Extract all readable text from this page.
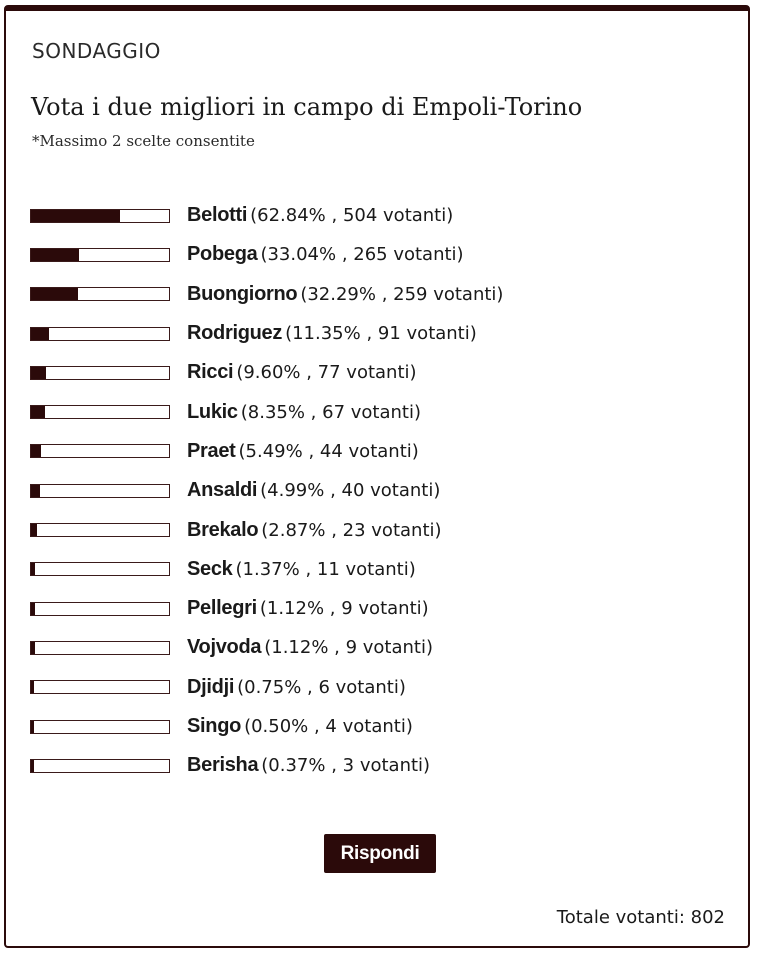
SONDAGGIO
Vota i due migliori in campo di Empoli-Torino
*Massimo 2 scelte consentite
Belotti (62.84% , 504 votanti)
Pobega (33.04% , 265 votanti)
Buongiorno (32.29% , 259 votanti)
Rodriguez (11.35% , 91 votanti)
Ricci (9.60% , 77 votanti)
Lukic (8.35% , 67 votanti)
Praet (5.49% , 44 votanti)
Ansaldi (4.99% , 40 votanti)
Brekalo (2.87% , 23 votanti)
Seck (1.37% , 11 votanti)
Pellegri (1.12% , 9 votanti)
Vojvoda (1.12% , 9 votanti)
Djidji (0.75% , 6 votanti)
Singo (0.50% , 4 votanti)
Berisha (0.37% , 3 votanti)
Rispondi
Totale votanti: 802
